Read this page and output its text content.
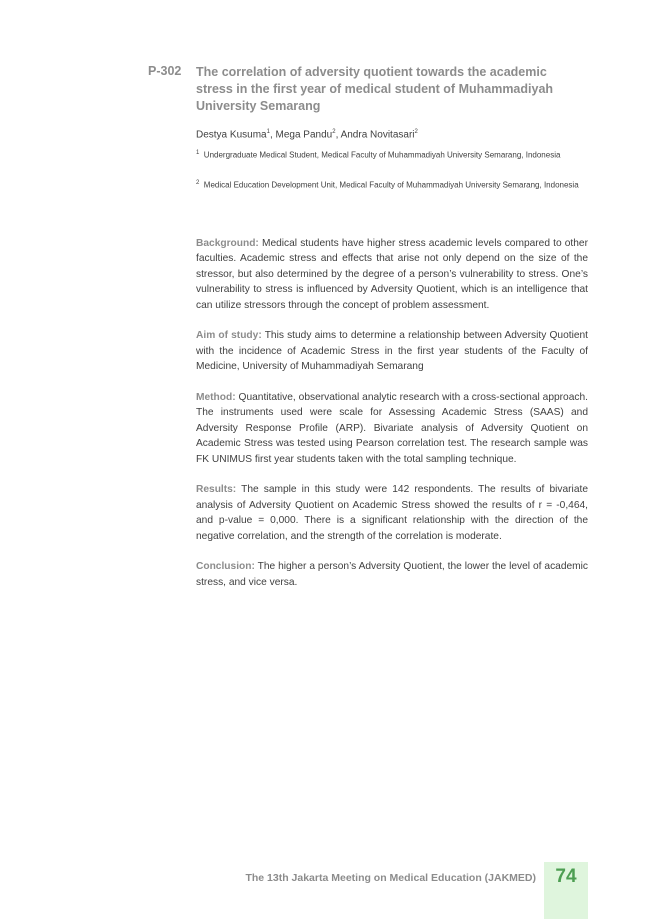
P-302 The correlation of adversity quotient towards the academic stress in the first year of medical student of Muhammadiyah University Semarang
Destya Kusuma$^1$, Mega Pandu$^2$, Andra Novitasari$^2$
$^1$ Undergraduate Medical Student, Medical Faculty of Muhammadiyah University Semarang, Indonesia
$^2$ Medical Education Development Unit, Medical Faculty of Muhammadiyah University Semarang, Indonesia

Background: Medical students have higher stress academic levels compared to other faculties. Academic stress and effects that arise not only depend on the size of the stressor, but also determined by the degree of a person’s vulnerability to stress. One’s vulnerability to stress is influenced by Adversity Quotient, which is an intelligence that can utilize stressors through the concept of problem assessment.

Aim of study: This study aims to determine a relationship between Adversity Quotient with the incidence of Academic Stress in the first year students of the Faculty of Medicine, University of Muhammadiyah Semarang

Method: Quantitative, observational analytic research with a cross-sectional approach. The instruments used were scale for Assessing Academic Stress (SAAS) and Adversity Response Profile (ARP). Bivariate analysis of Adversity Quotient on Academic Stress was tested using Pearson correlation test. The research sample was FK UNIMUS first year students taken with the total sampling technique.

Results: The sample in this study were 142 respondents. The results of bivariate analysis of Adversity Quotient on Academic Stress showed the results of r = -0,464, and p-value = 0,000. There is a significant relationship with the direction of the negative correlation, and the strength of the correlation is moderate.

Conclusion: The higher a person’s Adversity Quotient, the lower the level of academic stress, and vice versa.

The 13th Jakarta Meeting on Medical Education (JAKMED)	74
